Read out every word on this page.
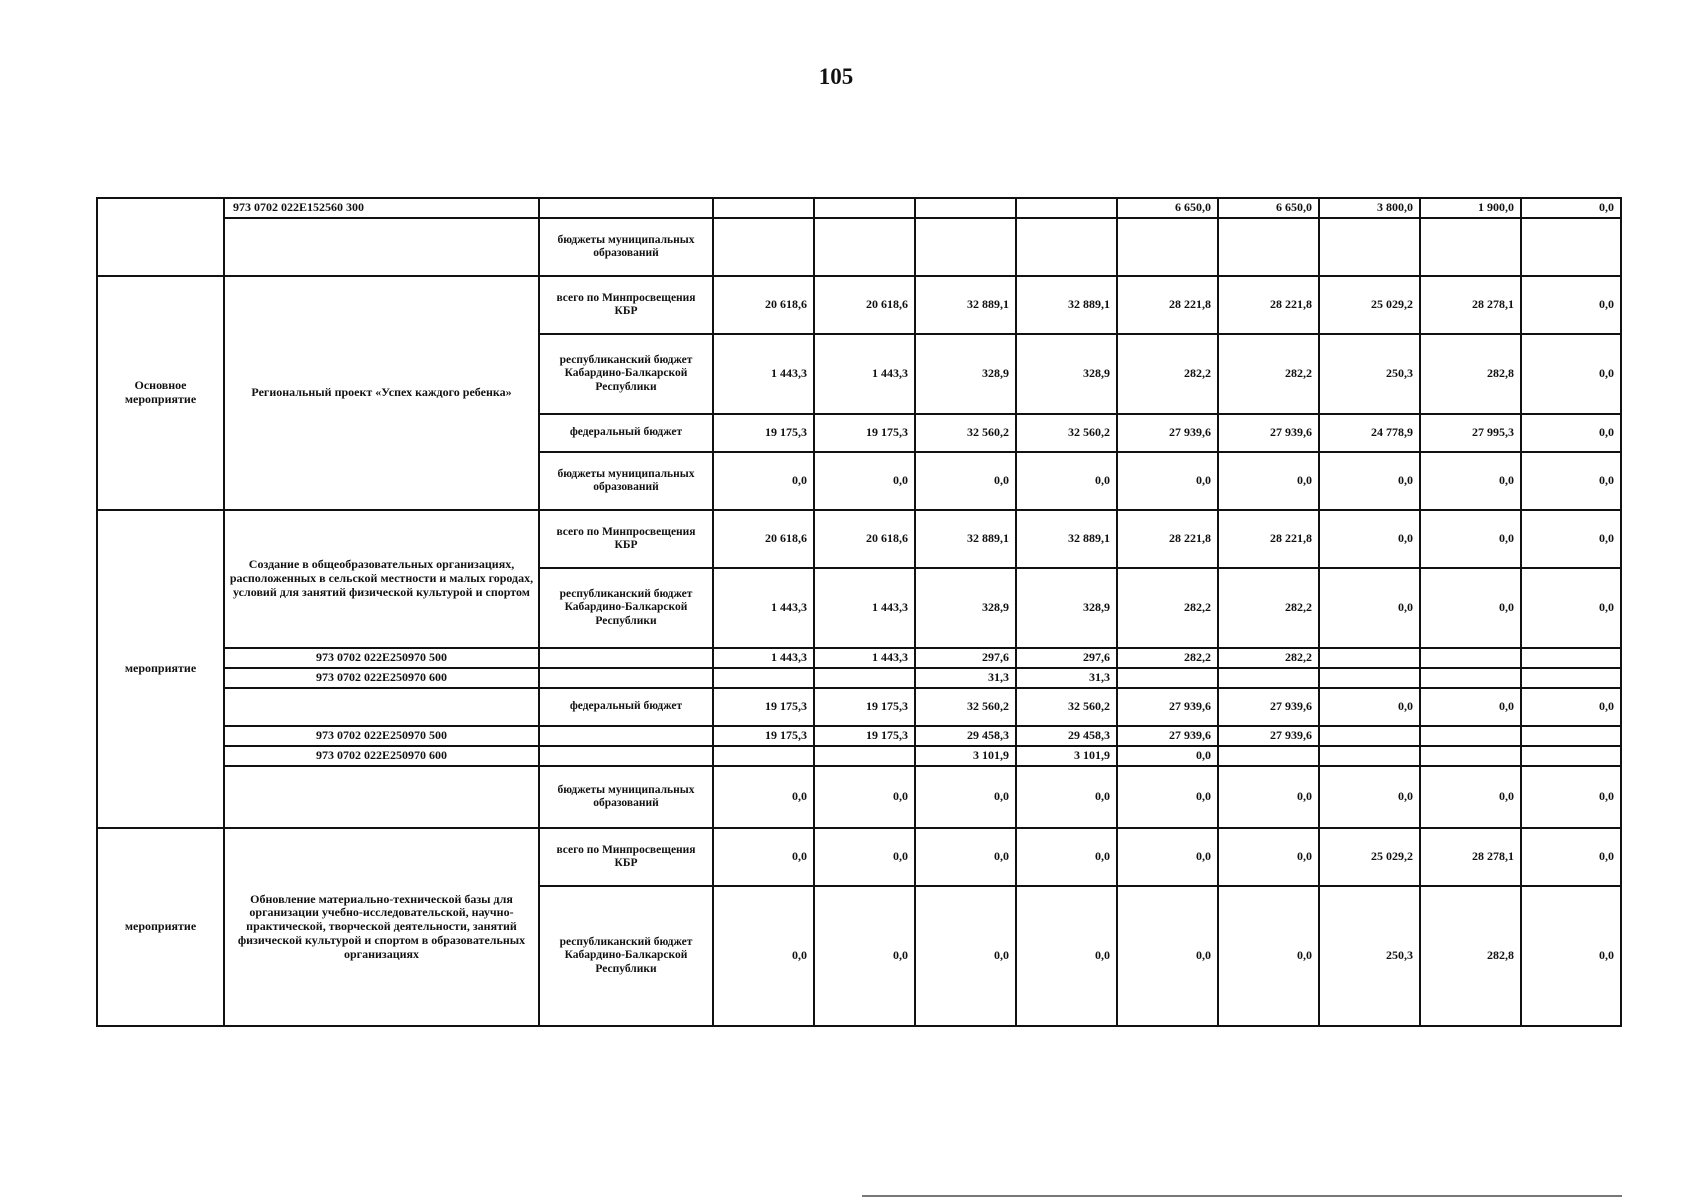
105
	973 0702 022E152560 300						6 650,0	6 650,0	3 800,0	1 900,0	0,0
		бюджеты муниципальных образований									
Основное мероприятие	Региональный проект «Успех каждого ребенка»	всего по Минпросвещения КБР	20 618,6	20 618,6	32 889,1	32 889,1	28 221,8	28 221,8	25 029,2	28 278,1	0,0
		республиканский бюджет Кабардино-Балкарской Республики	1 443,3	1 443,3	328,9	328,9	282,2	282,2	250,3	282,8	0,0
		федеральный бюджет	19 175,3	19 175,3	32 560,2	32 560,2	27 939,6	27 939,6	24 778,9	27 995,3	0,0
		бюджеты муниципальных образований	0,0	0,0	0,0	0,0	0,0	0,0	0,0	0,0	0,0
мероприятие	Создание в общеобразовательных организациях, расположенных в сельской местности и малых городах, условий для занятий физической культурой и спортом	всего по Минпросвещения КБР	20 618,6	20 618,6	32 889,1	32 889,1	28 221,8	28 221,8	0,0	0,0	0,0
		республиканский бюджет Кабардино-Балкарской Республики	1 443,3	1 443,3	328,9	328,9	282,2	282,2	0,0	0,0	0,0
	973 0702 022E250970 500		1 443,3	1 443,3	297,6	297,6	282,2	282,2			
	973 0702 022E250970 600				31,3	31,3					
		федеральный бюджет	19 175,3	19 175,3	32 560,2	32 560,2	27 939,6	27 939,6	0,0	0,0	0,0
	973 0702 022E250970 500		19 175,3	19 175,3	29 458,3	29 458,3	27 939,6	27 939,6			
	973 0702 022E250970 600				3 101,9	3 101,9	0,0				
		бюджеты муниципальных образований	0,0	0,0	0,0	0,0	0,0	0,0	0,0	0,0	0,0

мероприятие	Обновление материально-технической базы для организации учебно-исследовательской, научно-практической, творческой деятельности, занятий физической культурой и спортом в образовательных организациях	всего по Минпросвещения КБР	0,0	0,0	0,0	0,0	0,0	0,0	25 029,2	28 278,1	0,0
		республиканский бюджет Кабардино-Балкарской Республики	0,0	0,0	0,0	0,0	0,0	0,0	250,3	282,8	0,0
